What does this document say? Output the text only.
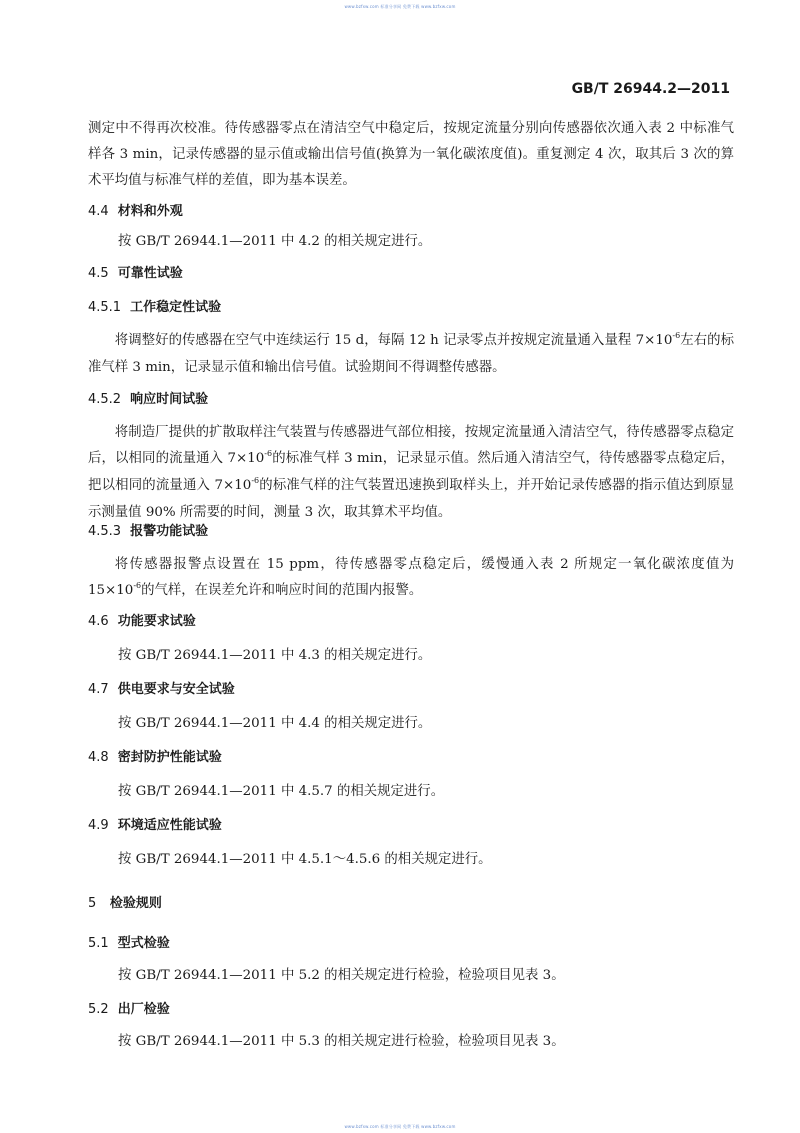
www.bzfxw.com 标准分享网 免费下载 www.bzfxw.com
GB/T 26944.2—2011
测定中不得再次校准。待传感器零点在清洁空气中稳定后，按规定流量分别向传感器依次通入表 2 中标准气样各 3 min，记录传感器的显示值或输出信号值(换算为一氧化碳浓度值)。重复测定 4 次，取其后 3 次的算术平均值与标准气样的差值，即为基本误差。
4.4 材料和外观
按 GB/T 26944.1—2011 中 4.2 的相关规定进行。
4.5 可靠性试验
4.5.1 工作稳定性试验
将调整好的传感器在空气中连续运行 15 d，每隔 12 h 记录零点并按规定流量通入量程 $7\times 10^{-6}$左右的标准气样 3 min，记录显示值和输出信号值。试验期间不得调整传感器。
4.5.2 响应时间试验
将制造厂提供的扩散取样注气装置与传感器进气部位相接，按规定流量通入清洁空气，待传感器零点稳定后，以相同的流量通入 $7\times 10^{-6}$的标准气样 3 min，记录显示值。然后通入清洁空气，待传感器零点稳定后，把以相同的流量通入 $7\times 10^{-6}$的标准气样的注气装置迅速换到取样头上，并开始记录传感器的指示值达到原显示测量值 90% 所需要的时间，测量 3 次，取其算术平均值。
4.5.3 报警功能试验
将传感器报警点设置在 15 ppm，待传感器零点稳定后，缓慢通入表 2 所规定一氧化碳浓度值为 $15\times 10^{-6}$的气样，在误差允许和响应时间的范围内报警。
4.6 功能要求试验
按 GB/T 26944.1—2011 中 4.3 的相关规定进行。
4.7 供电要求与安全试验
按 GB/T 26944.1—2011 中 4.4 的相关规定进行。
4.8 密封防护性能试验
按 GB/T 26944.1—2011 中 4.5.7 的相关规定进行。
4.9 环境适应性能试验
按 GB/T 26944.1—2011 中 4.5.1～4.5.6 的相关规定进行。
5 检验规则
5.1 型式检验
按 GB/T 26944.1—2011 中 5.2 的相关规定进行检验，检验项目见表 3。
5.2 出厂检验
按 GB/T 26944.1—2011 中 5.3 的相关规定进行检验，检验项目见表 3。
www.bzfxw.com 标准分享网 免费下载 www.bzfxw.com
